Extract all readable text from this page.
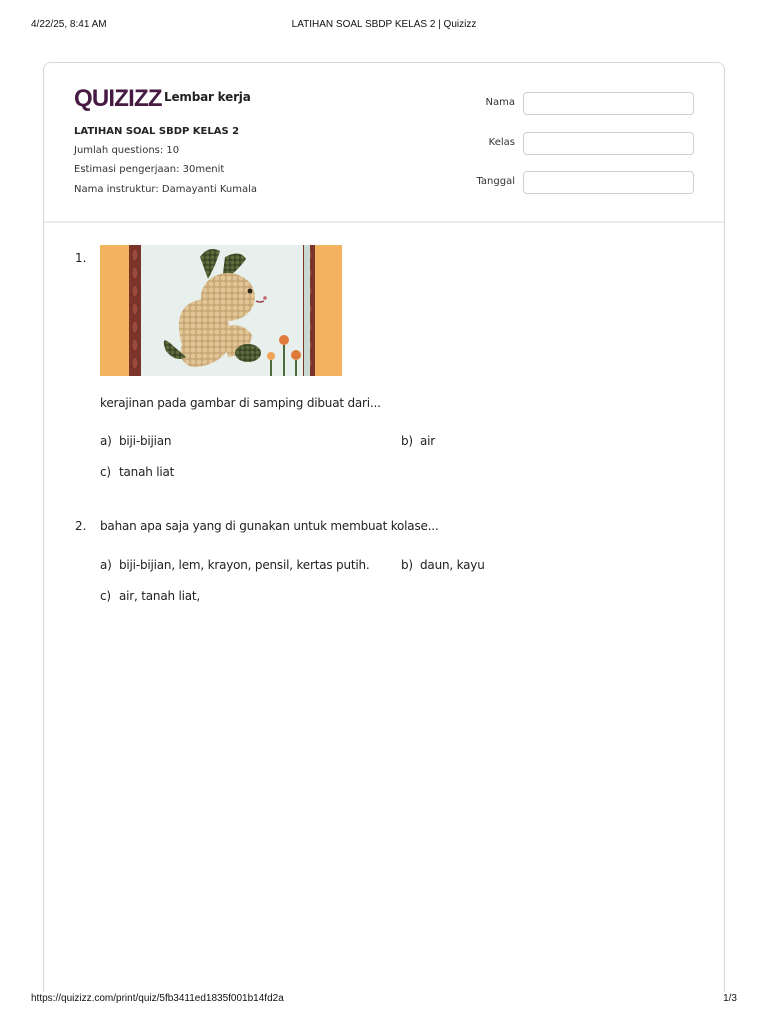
4/22/25, 8:41 AM	LATIHAN SOAL SBDP KELAS 2 | Quizizz
QUIZIZZ Lembar kerja
LATIHAN SOAL SBDP KELAS 2
Jumlah questions: 10
Estimasi pengerjaan: 30menit
Nama instruktur: Damayanti Kumala
Nama
Kelas
Tanggal
1.
kerajinan pada gambar di samping dibuat dari...
a) biji-bijian	b) air
c) tanah liat
2. bahan apa saja yang di gunakan untuk membuat kolase...
a) biji-bijian, lem, krayon, pensil, kertas putih.	b) daun, kayu
c) air, tanah liat,
https://quizizz.com/print/quiz/5fb3411ed1835f001b14fd2a	1/3
